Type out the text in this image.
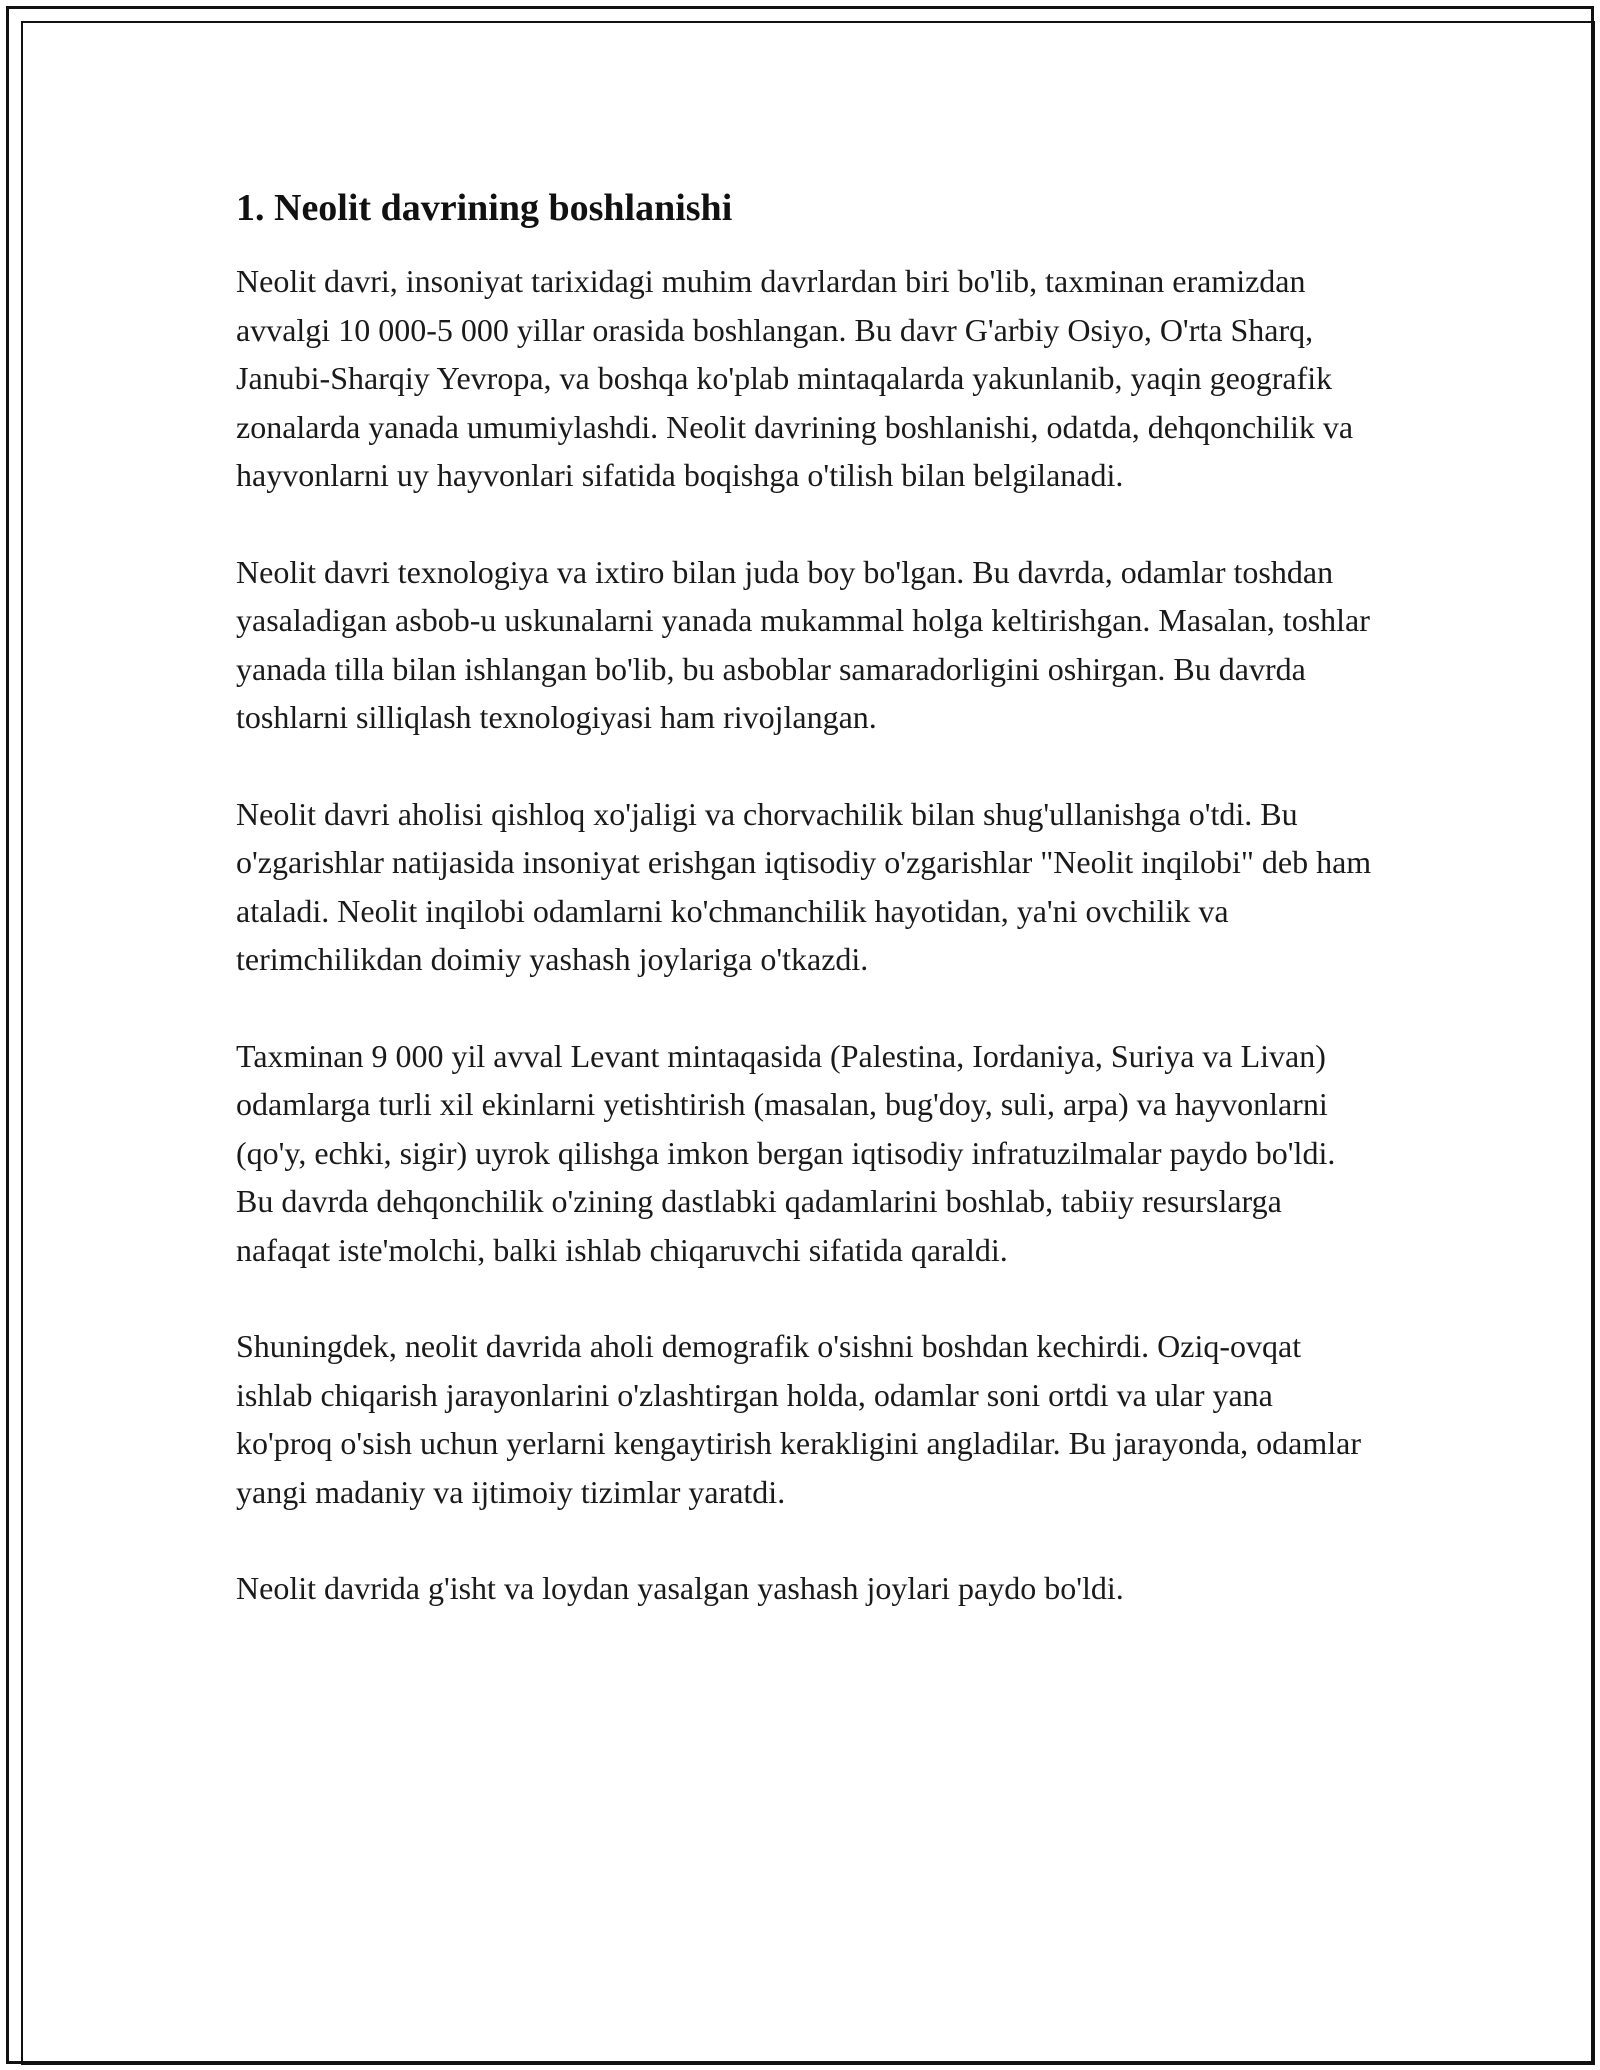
1. Neolit davrining boshlanishi

Neolit davri, insoniyat tarixidagi muhim davrlardan biri bo'lib, taxminan eramizdan avvalgi 10 000-5 000 yillar orasida boshlangan. Bu davr G'arbiy Osiyo, O'rta Sharq, Janubi-Sharqiy Yevropa, va boshqa ko'plab mintaqalarda yakunlanib, yaqin geografik zonalarda yanada umumiylashdi. Neolit davrining boshlanishi, odatda, dehqonchilik va hayvonlarni uy hayvonlari sifatida boqishga o'tilish bilan belgilanadi.

Neolit davri texnologiya va ixtiro bilan juda boy bo'lgan. Bu davrda, odamlar toshdan yasaladigan asbob-u uskunalarni yanada mukammal holga keltirishgan. Masalan, toshlar yanada tilla bilan ishlangan bo'lib, bu asboblar samaradorligini oshirgan. Bu davrda toshlarni silliqlash texnologiyasi ham rivojlangan.

Neolit davri aholisi qishloq xo'jaligi va chorvachilik bilan shug'ullanishga o'tdi. Bu o'zgarishlar natijasida insoniyat erishgan iqtisodiy o'zgarishlar "Neolit inqilobi" deb ham ataladi. Neolit inqilobi odamlarni ko'chmanchilik hayotidan, ya'ni ovchilik va terimchilikdan doimiy yashash joylariga o'tkazdi.

Taxminan 9 000 yil avval Levant mintaqasida (Palestina, Iordaniya, Suriya va Livan) odamlarga turli xil ekinlarni yetishtirish (masalan, bug'doy, suli, arpa) va hayvonlarni (qo'y, echki, sigir) uyrok qilishga imkon bergan iqtisodiy infratuzilmalar paydo bo'ldi. Bu davrda dehqonchilik o'zining dastlabki qadamlarini boshlab, tabiiy resurslarga nafaqat iste'molchi, balki ishlab chiqaruvchi sifatida qaraldi.

Shuningdek, neolit davrida aholi demografik o'sishni boshdan kechirdi. Oziq-ovqat ishlab chiqarish jarayonlarini o'zlashtirgan holda, odamlar soni ortdi va ular yana ko'proq o'sish uchun yerlarni kengaytirish kerakligini angladilar. Bu jarayonda, odamlar yangi madaniy va ijtimoiy tizimlar yaratdi.

Neolit davrida g'isht va loydan yasalgan yashash joylari paydo bo'ldi.
